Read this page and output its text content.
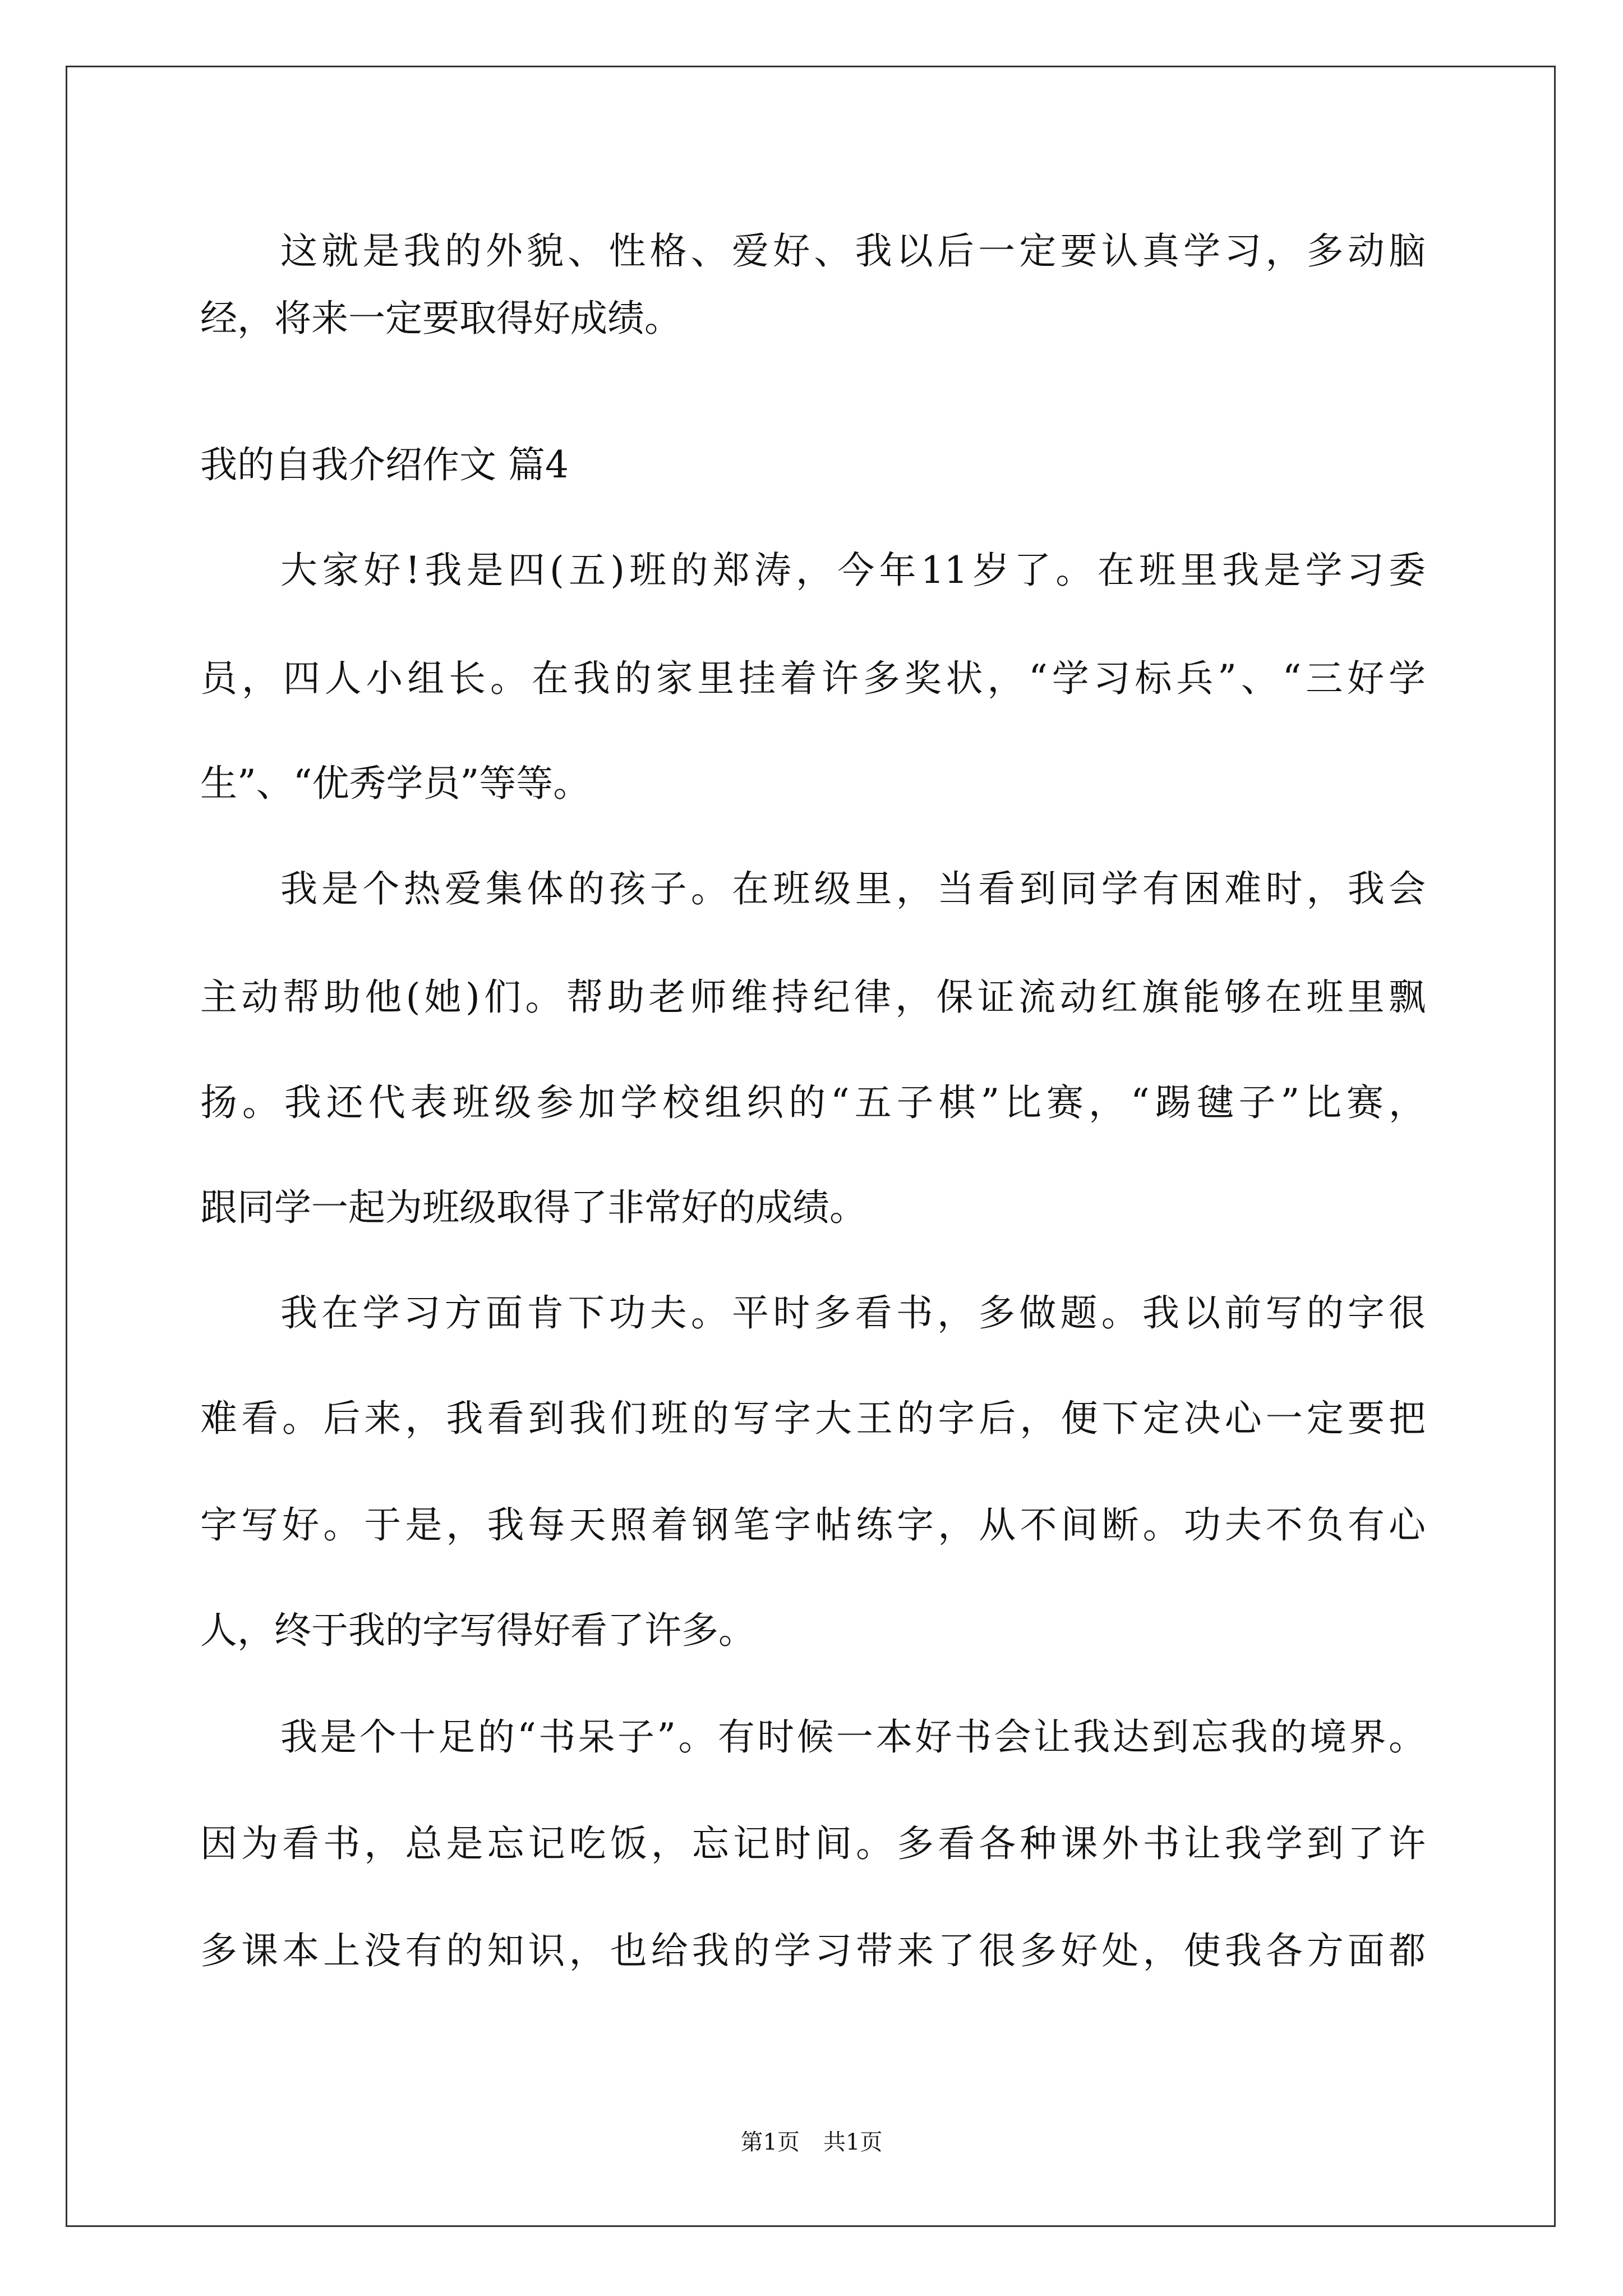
这就是我的外貌、性格、爱好、我以后一定要认真学习，多动脑
经，将来一定要取得好成绩。
我的自我介绍作文 篇4
大家好!我是四(五)班的郑涛，今年11岁了。在班里我是学习委
员，四人小组长。在我的家里挂着许多奖状，“学习标兵”、“三好学
生”、“优秀学员”等等。
我是个热爱集体的孩子。在班级里，当看到同学有困难时，我会
主动帮助他(她)们。帮助老师维持纪律，保证流动红旗能够在班里飘
扬。我还代表班级参加学校组织的“五子棋”比赛，“踢毽子”比赛，
跟同学一起为班级取得了非常好的成绩。
我在学习方面肯下功夫。平时多看书，多做题。我以前写的字很
难看。后来，我看到我们班的写字大王的字后，便下定决心一定要把
字写好。于是，我每天照着钢笔字帖练字，从不间断。功夫不负有心
人，终于我的字写得好看了许多。
我是个十足的“书呆子”。有时候一本好书会让我达到忘我的境界。
因为看书，总是忘记吃饭，忘记时间。多看各种课外书让我学到了许
多课本上没有的知识，也给我的学习带来了很多好处，使我各方面都
第1页 共1页
